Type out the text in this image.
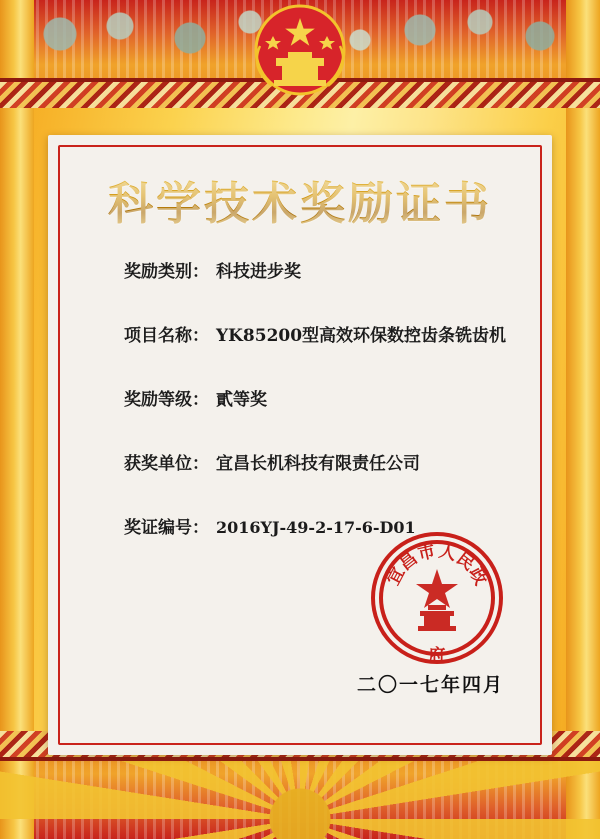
科学技术奖励证书
奖励类别： 科技进步奖
项目名称： YK85200型高效环保数控齿条铣齿机
奖励等级： 貳等奖
获奖单位： 宜昌长机科技有限责任公司
奖证编号： 2016YJ-49-2-17-6-D01
宜
昌
市 人
民
政
府
二〇一七年四月
